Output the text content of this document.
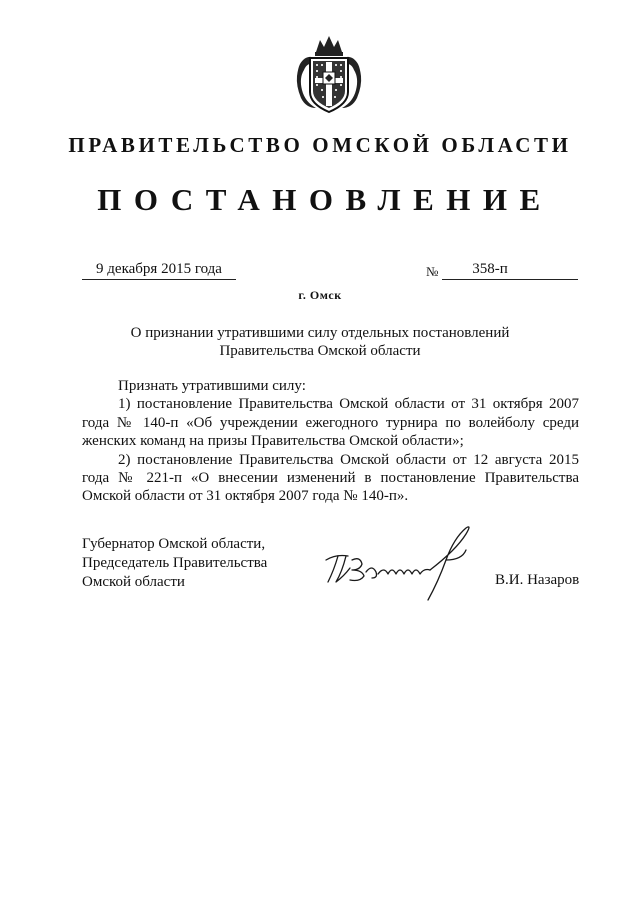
ПРАВИТЕЛЬСТВО ОМСКОЙ ОБЛАСТИ
ПОСТАНОВЛЕНИЕ
9 декабря 2015 года	№	358-п
г. Омск
О признании утратившими силу отдельных постановлений
Правительства Омской области

Признать утратившими силу:

1) постановление Правительства Омской области от 31 октября 2007 года № 140-п «Об учреждении ежегодного турнира по волейболу среди женских команд на призы Правительства Омской области»;

2) постановление Правительства Омской области от 12 августа 2015 года № 221-п «О внесении изменений в постановление Правительства Омской области от 31 октября 2007 года № 140-п».

Губернатор Омской области,
Председатель Правительства
Омской области	В.И. Назаров
